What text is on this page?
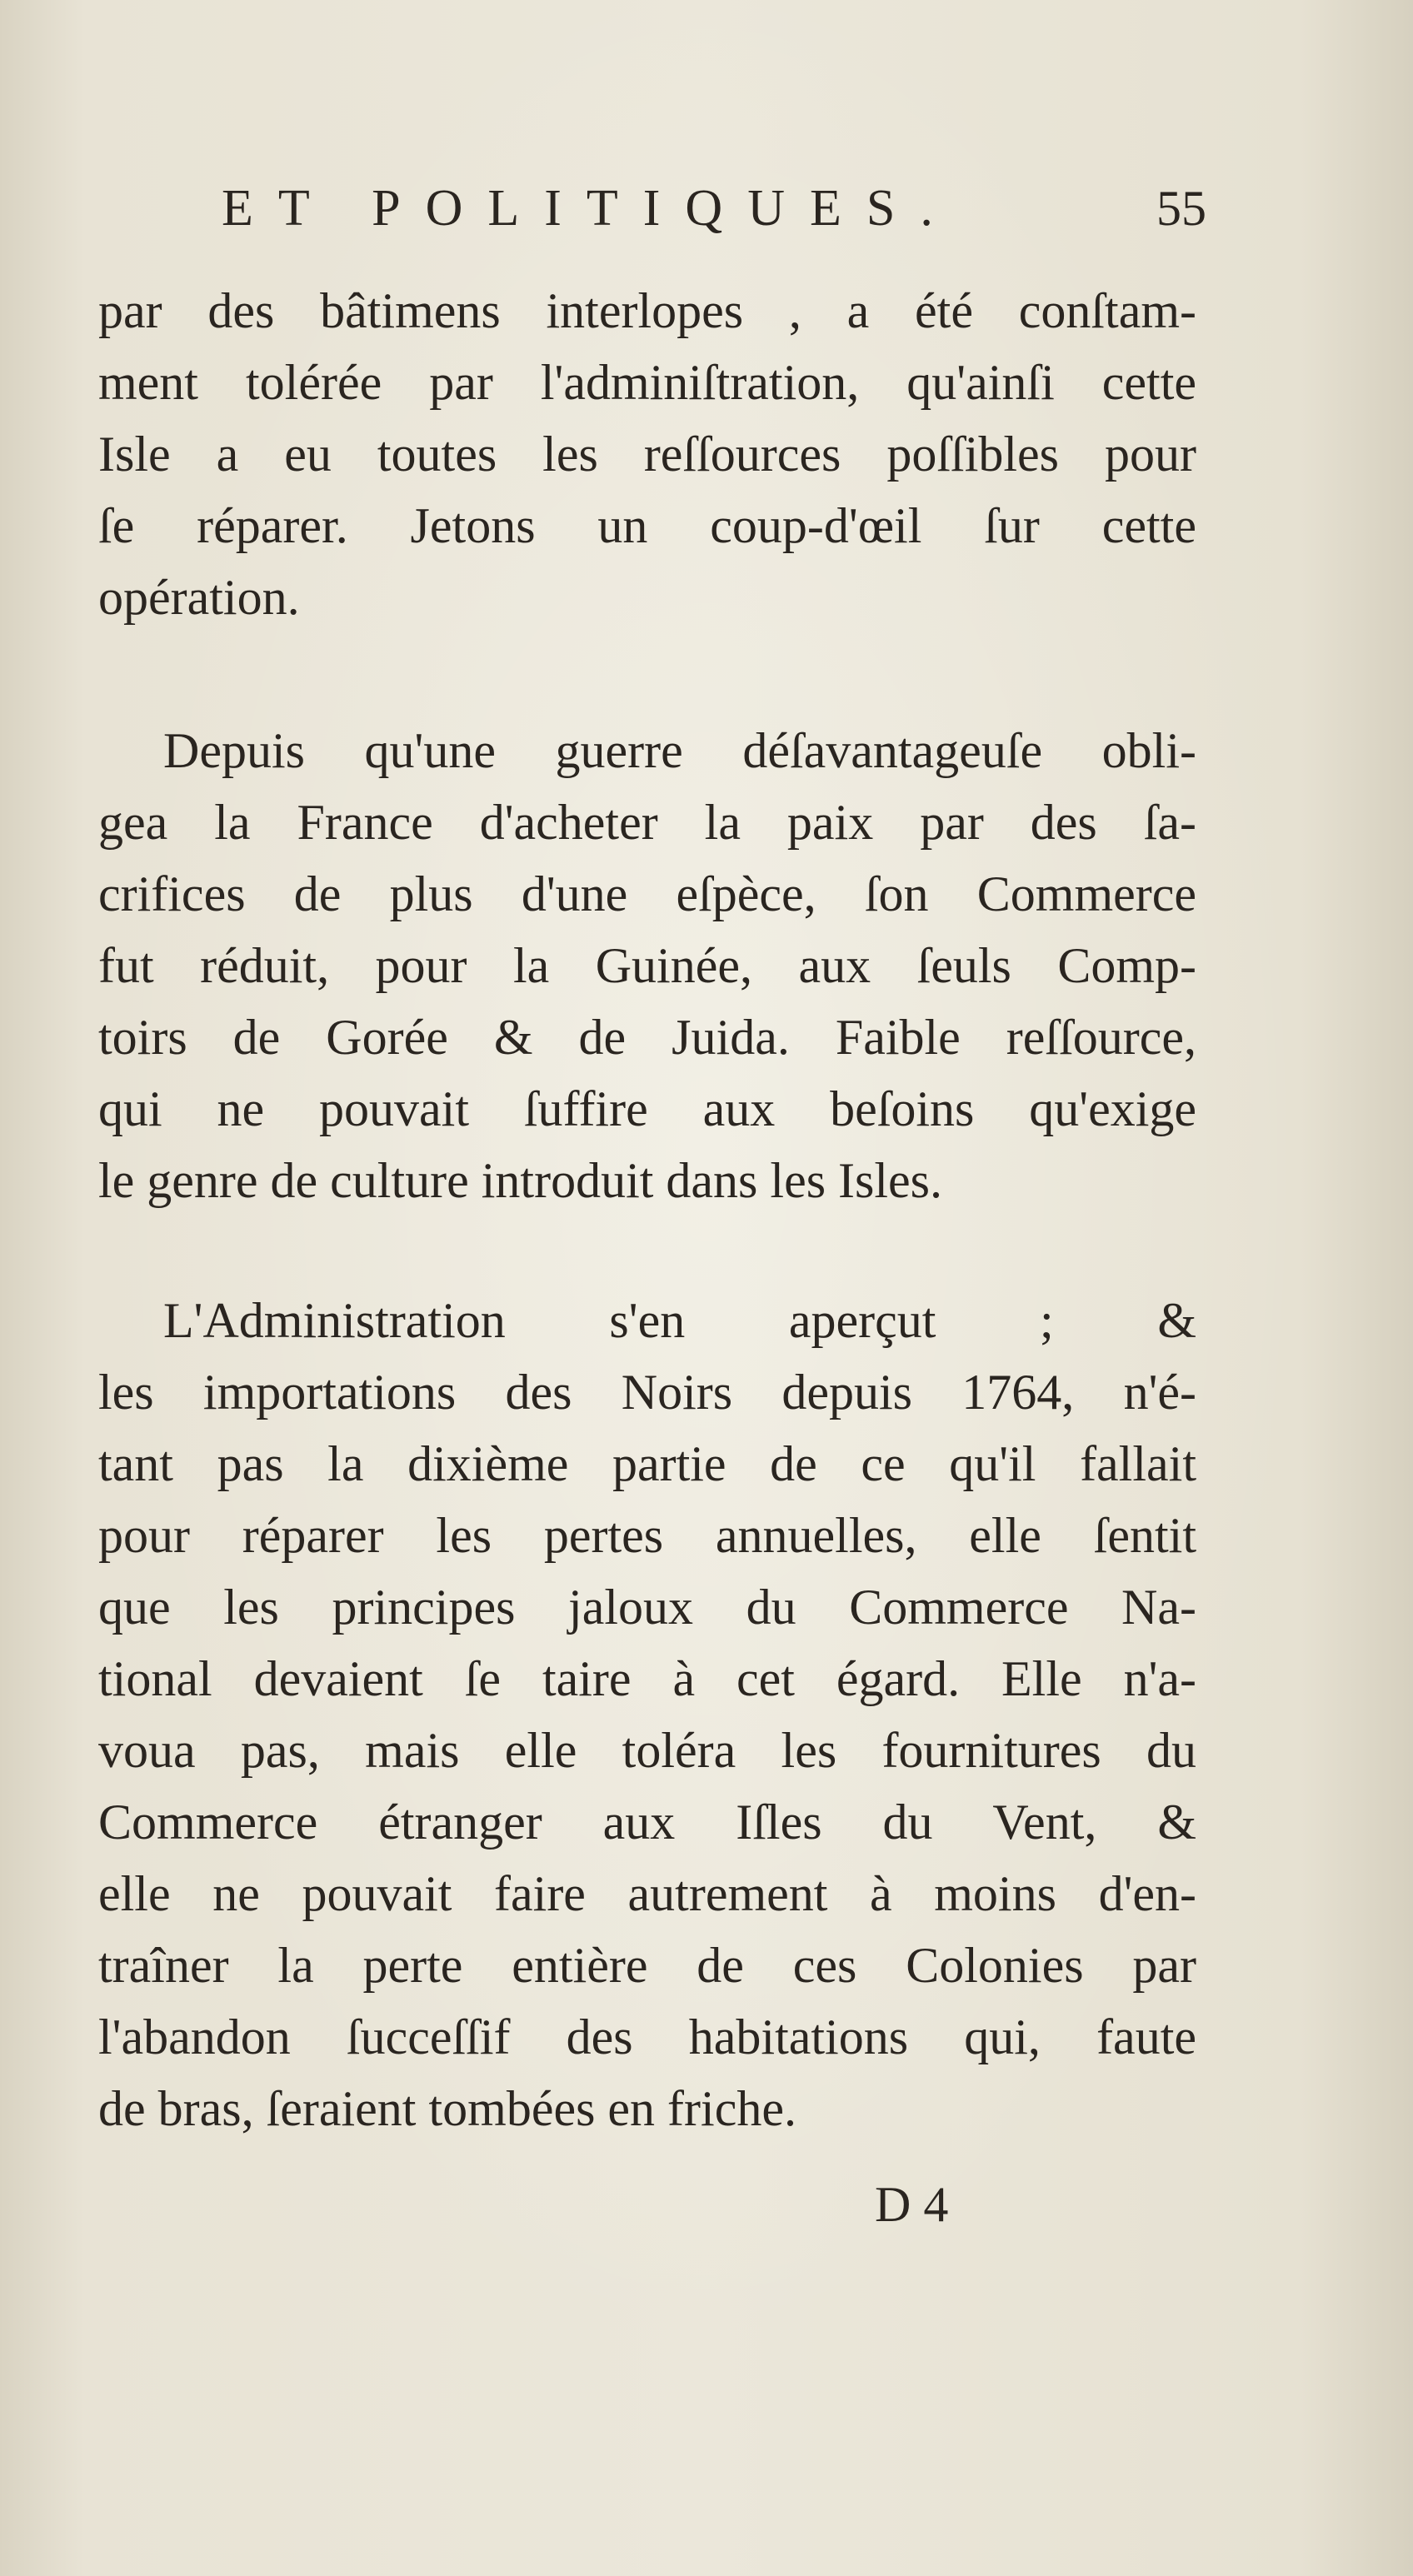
ET POLITIQUES.	55
par des bâtimens interlopes , a été conſtam-
ment tolérée par l'adminiſtration, qu'ainſi cette
Isle a eu toutes les reſſources poſſibles pour
ſe réparer. Jetons un coup-d'œil ſur cette
opération.
Depuis qu'une guerre déſavantageuſe obli-
gea la France d'acheter la paix par des ſa-
crifices de plus d'une eſpèce, ſon Commerce
fut réduit, pour la Guinée, aux ſeuls Comp-
toirs de Gorée & de Juida. Faible reſſource,
qui ne pouvait ſuffire aux beſoins qu'exige
le genre de culture introduit dans les Isles.
L'Administration s'en aperçut ; &
les importations des Noirs depuis 1764, n'é-
tant pas la dixième partie de ce qu'il fallait
pour réparer les pertes annuelles, elle ſentit
que les principes jaloux du Commerce Na-
tional devaient ſe taire à cet égard. Elle n'a-
voua pas, mais elle toléra les fournitures du
Commerce étranger aux Iſles du Vent, &
elle ne pouvait faire autrement à moins d'en-
traîner la perte entière de ces Colonies par
l'abandon ſucceſſif des habitations qui, faute
de bras, ſeraient tombées en friche.
D 4
